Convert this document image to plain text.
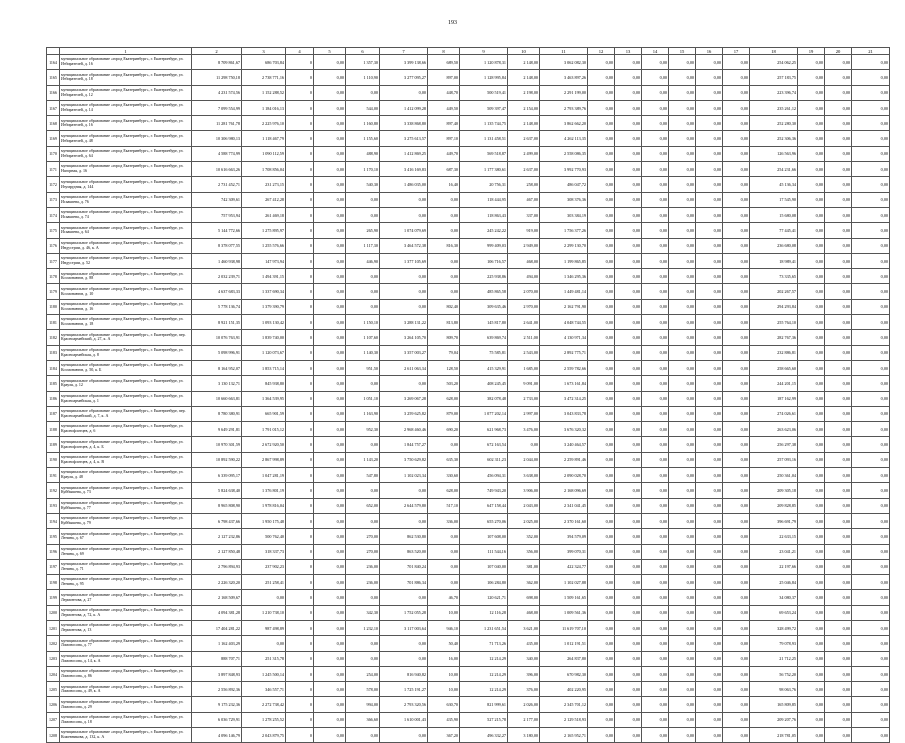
193
	1	2	3	4	5	6	7	8	9	10	11	12	13	14	15	16	17	18	19	20	21	
1164	муниципальное образование «город Екатеринбург», г. Екатеринбург, ул. Избирателей, д. 16	8 709 861,67	686 703,84	0	0,00	1 357,30	3 399 138,66	689,50	1 120 878,31	2 148,00	3 062 082,30	0,00	0,00	0,00	0,00	0,00	0,00	254 062,25	0,00	0,00	0,00	
1165	муниципальное образование «город Екатеринбург», г. Екатеринбург, ул. Избирателей, д. 18	11 298 750,18	2 738 771,16	0	0,00	1 110,90	3 277 095,27	897,00	1 128 995,84	2 148,00	3 463 897,26	0,00	0,00	0,00	0,00	0,00	0,00	257 183,75	0,00	0,00	0,00	
1166	муниципальное образование «город Екатеринбург», г. Екатеринбург, ул. Избирателей, д. 12	4 231 574,56	1 152 288,52	0	0,00	0,00	0,00	448,70	500 519,41	2 198,00	2 291 199,00	0,00	0,00	0,00	0,00	0,00	0,00	223 396,74	0,00	0,00	0,00	
1167	муниципальное образование «город Екатеринбург», г. Екатеринбург, ул. Избирателей, д. 14	7 099 554,99	1 184 016,13	0	0,00	544,00	1 412 099,28	449,50	509 397,47	2 154,00	2 793 389,76	0,00	0,00	0,00	0,00	0,00	0,00	235 261,12	0,00	0,00	0,00	
1168	муниципальное образование «город Екатеринбург», г. Екатеринбург, ул. Избирателей, д. 16	11 281 761,78	2 225 976,10	0	0,00	1 160,80	3 338 868,80	897,40	1 135 744,75	2 148,00	3 862 662,20	0,00	0,00	0,00	0,00	0,00	0,00	252 280,30	0,00	0,00	0,00	
1169	муниципальное образование «город Екатеринбург», г. Екатеринбург, ул. Избирателей, д. 48	10 306 980,13	1 118 467,79	0	0,00	1 155,60	3 275 613,57	897,10	1 131 458,51	2 637,00	4 262 113,35	0,00	0,00	0,00	0,00	0,00	0,00	252 306,36	0,00	0,00	0,00	
1170	муниципальное образование «город Екатеринбург», г. Екатеринбург, ул. Избирателей, д. 64	4 588 774,99	1 090 112,59	0	0,00	488,90	1 412 869,25	449,70	569 518,87	2 499,00	2 558 086,35	0,00	0,00	0,00	0,00	0,00	0,00	126 563,96	0,00	0,00	0,00	
1171	муниципальное образование «город Екатеринбург», г. Екатеринбург, ул. Нагорная, д. 16	10 616 663,26	1 708 856,04	0	0,00	1 170,10	3 416 169,83	687,30	1 177 380,61	2 637,00	3 992 770,93	0,00	0,00	0,00	0,00	0,00	0,00	254 231,66	0,00	0,00	0,00	
1172	муниципальное образование «город Екатеринбург», г. Екатеринбург, ул. Изумрудная, д. 144	2 731 452,71	231 273,15	0	0,00	540,30	1 486 035,00	16,40	20 756,31	258,00	486 047,72	0,00	0,00	0,00	0,00	0,00	0,00	45 136,34	0,00	0,00	0,00	
1173	муниципальное образование «город Екатеринбург», г. Екатеринбург, ул. Исаакиева, д. 76	742 309,61	267 412,28	0	0,00	0,00	0,00	0,00	118 444,95	467,00	308 376,36	0,00	0,00	0,00	0,00	0,00	0,00	17 545,90	0,00	0,00	0,00	
1174	муниципальное образование «город Екатеринбург», г. Екатеринбург, ул. Исаакиева, д. 74	757 953,94	261 469,18	0	0,00	0,00	0,00	0,00	118 863,43	337,00	303 384,19	0,00	0,00	0,00	0,00	0,00	0,00	15 680,08	0,00	0,00	0,00	
1175	муниципальное образование «город Екатеринбург», г. Екатеринбург, ул. Исаакиева, д. 64	5 144 772,66	1 275 895,97	0	0,00	265,90	1 074 079,69	0,00	245 242,22	919,00	1 756 377,26	0,00	0,00	0,00	0,00	0,00	0,00	77 445,41	0,00	0,00	0,00	
1176	муниципальное образование «город Екатеринбург», г. Екатеринбург, ул. Индустрии, д. 46, к. А	8 378 077,55	1 255 576,66	0	0,00	1 117,30	3 464 572,38	816,30	999 409,03	2 949,00	2 299 130,70	0,00	0,00	0,00	0,00	0,00	0,00	236 680,08	0,00	0,00	0,00	
1177	муниципальное образование «город Екатеринбург», г. Екатеринбург, ул. Индустрии, д. 52	1 460 938,98	147 973,94	0	0,00	446,90	1 377 105,69	0,00	106 716,57	468,00	1 199 865,85	0,00	0,00	0,00	0,00	0,00	0,00	18 989,41	0,00	0,00	0,00	
1178	муниципальное образование «город Екатеринбург», г. Екатеринбург, ул. Космонавтов, д. 88	2 032 239,71	1 494 391,15	0	0,00	0,00	0,00	0,00	225 938,86	494,00	1 346 295,36	0,00	0,00	0,00	0,00	0,00	0,00	73 335,65	0,00	0,00	0,00	
1179	муниципальное образование «город Екатеринбург», г. Екатеринбург, ул. Космонавтов, д. 10	4 637 683,33	1 337 690,34	0	0,00	0,00	0,00	0,00	485 865,58	2 070,00	1 449 481,14	0,00	0,00	0,00	0,00	0,00	0,00	202 267,57	0,00	0,00	0,00	
1180	муниципальное образование «город Екатеринбург», г. Екатеринбург, ул. Космонавтов, д. 16	5 778 136,74	1 379 390,79	0	0,00	0,00	0,00	802,40	309 635,46	2 970,00	2 162 791,90	0,00	0,00	0,00	0,00	0,00	0,00	294 293,84	0,00	0,00	0,00	
1181	муниципальное образование «город Екатеринбург», г. Екатеринбург, ул. Космонавтов, д. 18	8 921 151,35	1 093 130,42	0	0,00	1 150,10	3 288 131,22	813,80	145 817,80	2 641,00	4 048 744,55	0,00	0,00	0,00	0,00	0,00	0,00	255 764,10	0,00	0,00	0,00	
1182	муниципальное образование «город Екатеринбург», г. Екатеринбург, пер. Красноармейский, д. 27, к. А	10 076 763,91	1 839 740,00	0	0,00	1 107,60	3 264 105,70	809,70	639 869,74	2 511,00	4 130 971,34	0,00	0,00	0,00	0,00	0,00	0,00	282 767,36	0,00	0,00	0,00	
1183	муниципальное образование «город Екатеринбург», г. Екатеринбург, ул. Красноармейская, д. 8	5 098 996,91	1 120 073,67	0	0,00	1 140,30	3 357 003,27	79,04	75 585,81	2 543,00	2 892 775,71	0,00	0,00	0,00	0,00	0,00	0,00	232 886,81	0,00	0,00	0,00	
1184	муниципальное образование «город Екатеринбург», г. Екатеринбург, ул. Космонавтов, д. 50, к. Б	8 164 952,07	1 853 715,14	0	0,00	951,50	2 611 063,34	128,50	415 329,91	1 685,00	2 559 782,66	0,00	0,00	0,00	0,00	0,00	0,00	258 665,60	0,00	0,00	0,00	
1185	муниципальное образование «город Екатеринбург», г. Екатеринбург, ул. Крауля, д. 12	3 130 132,71	845 938,80	0	0,00	0,00	0,00	503,20	408 245,45	9 091,00	1 673 161,84	0,00	0,00	0,00	0,00	0,00	0,00	244 201,15	0,00	0,00	0,00	
1186	муниципальное образование «город Екатеринбург», г. Екатеринбург, ул. Красноармейская, д. 1	10 660 663,81	1 364 539,95	0	0,00	1 051,10	3 269 067,28	628,00	382 078,48	2 733,00	3 472 314,25	0,00	0,00	0,00	0,00	0,00	0,00	187 162,99	0,00	0,00	0,00	
1187	муниципальное образование «город Екатеринбург», г. Екатеринбург, пер. Красноармейский, д. 7, к. А	8 780 380,91	665 901,59	0	0,00	1 163,90	3 259 625,82	879,00	1 077 202,14	2 997,00	3 043 833,78	0,00	0,00	0,00	0,00	0,00	0,00	274 026,61	0,00	0,00	0,00	
1188	муниципальное образование «город Екатеринбург», г. Екатеринбург, ул. Краснофлотцев, д. 6	9 649 291,81	1 791 015,12	0	0,00	952,30	2 968 460,46	690,20	621 968,73	3 476,00	3 676 320,32	0,00	0,00	0,00	0,00	0,00	0,00	263 623,06	0,00	0,00	0,00	
1189	муниципальное образование «город Екатеринбург», г. Екатеринбург, ул. Краснофлотцев, д. 4, к. Б	10 970 301,59	2 672 920,50	0	0,00	0,00	1 844 757,27	0,00	672 163,54	0,00	3 240 464,57	0,00	0,00	0,00	0,00	0,00	0,00	256 297,38	0,00	0,00	0,00	
1190	муниципальное образование «город Екатеринбург», г. Екатеринбург, ул. Краснофлотцев, д. 4, к. В	10 892 590,22	2 867 998,89	0	0,00	1 143,20	3 750 629,82	635,30	602 311,23	2 044,00	2 259 891,46	0,00	0,00	0,00	0,00	0,00	0,00	257 093,16	0,00	0,00	0,00	
1191	муниципальное образование «город Екатеринбург», г. Екатеринбург, ул. Крауля, д. 48	6 339 095,17	1 047 281,19	0	0,00	547,80	1 102 023,34	330,60	456 094,31	3 638,00	2 090 028,70	0,00	0,00	0,00	0,00	0,00	0,00	250 361,04	0,00	0,00	0,00	
1192	муниципальное образование «город Екатеринбург», г. Екатеринбург, ул. Куйбышева, д. 73	5 824 638,40	1 376 801,19	0	0,00	0,00	0,00	628,00	749 943,20	3 906,00	2 168 096,69	0,00	0,00	0,00	0,00	0,00	0,00	209 305,18	0,00	0,00	0,00	
1193	муниципальное образование «город Екатеринбург», г. Екатеринбург, ул. Куйбышева, д. 77	8 965 808,90	1 978 816,04	0	0,00	652,00	2 644 579,80	517,10	647 158,44	2 043,00	2 341 041,45	0,00	0,00	0,00	0,00	0,00	0,00	209 828,85	0,00	0,00	0,00	
1194	муниципальное образование «город Екатеринбург», г. Екатеринбург, ул. Куйбышева, д. 79	6 798 437,66	1 950 175,48	0	0,00	0,00	0,00	336,00	655 270,06	2 025,00	2 370 161,60	0,00	0,00	0,00	0,00	0,00	0,00	396 691,79	0,00	0,00	0,00	
1195	муниципальное образование «город Екатеринбург», г. Екатеринбург, ул. Ленина, д. 67	2 127 232,86	500 762,40	0	0,00	270,00	862 530,80	0,00	107 608,00	352,00	394 579,09	0,00	0,00	0,00	0,00	0,00	0,00	22 633,15	0,00	0,00	0,00	
1196	муниципальное образование «город Екатеринбург», г. Екатеринбург, ул. Ленина, д. 69	2 127 850,48	318 337,73	0	0,00	270,00	863 520,00	0,00	111 544,16	356,00	399 070,31	0,00	0,00	0,00	0,00	0,00	0,00	23 041,21	0,00	0,00	0,00	
1197	муниципальное образование «город Екатеринбург», г. Екатеринбург, ул. Ленина, д. 71	2 796 894,93	237 902,23	0	0,00	236,00	701 840,24	0,00	107 040,00	381,00	422 324,77	0,00	0,00	0,00	0,00	0,00	0,00	22 197,66	0,00	0,00	0,00	
1198	муниципальное образование «город Екатеринбург», г. Екатеринбург, ул. Ленина, д. 95	2 226 320,20	251 258,41	0	0,00	236,00	701 886,34	0,00	106 284,80	362,00	1 102 027,88	0,00	0,00	0,00	0,00	0,00	0,00	25 046,84	0,00	0,00	0,00	
1199	муниципальное образование «город Екатеринбург», г. Екатеринбург, ул. Лермонтова, д. 27	2 168 509,67	0,00	0	0,00	0,00	0,00	46,70	120 621,71	698,00	1 509 161,65	0,00	0,00	0,00	0,00	0,00	0,00	34 080,37	0,00	0,00	0,00	
1200	муниципальное образование «город Екатеринбург», г. Екатеринбург, ул. Лермонтова, д. 72, к. А	4 094 381,28	1 210 738,10	0	0,00	342,30	1 752 055,28	10,00	12 116,28	468,00	1 009 561,36	0,00	0,00	0,00	0,00	0,00	0,00	69 653,24	0,00	0,00	0,00	
1201	муниципальное образование «город Екатеринбург», г. Екатеринбург, ул. Лермонтова, д. 13	17 404 281,22	987 498,89	0	0,00	1 232,10	3 117 003,64	946,10	1 231 651,54	3 621,00	11 619 707,10	0,00	0,00	0,00	0,00	0,00	0,00	328 499,72	0,00	0,00	0,00	
1202	муниципальное образование «город Екатеринбург», г. Екатеринбург, ул. Ломоносова, д. 77	1 162 403,29	0,00	0	0,00	0,00	0,00	50,40	71 713,26	435,00	1 012 191,51	0,00	0,00	0,00	0,00	0,00	0,00	79 078,93	0,00	0,00	0,00	
1203	муниципальное образование «город Екатеринбург», г. Екатеринбург, ул. Ломоносова, д. 14, к. А	888 707,71	251 315,78	0	0,00	0,00	0,00	16,00	12 214,29	340,00	264 837,80	0,00	0,00	0,00	0,00	0,00	0,00	21 712,25	0,00	0,00	0,00	
1204	муниципальное образование «город Екатеринбург», г. Екатеринбург, ул. Ломоносова, д. 86	3 897 848,93	1 245 500,14	0	0,00	254,00	816 940,82	10,00	12 214,29	396,00	670 982,30	0,00	0,00	0,00	0,00	0,00	0,00	56 752,20	0,00	0,00	0,00	
1205	муниципальное образование «город Екатеринбург», г. Екатеринбург, ул. Ломоносова, д. 49, к. А	2 556 892,36	346 557,71	0	0,00	578,00	1 725 191,27	10,00	12 214,29	376,00	402 220,95	0,00	0,00	0,00	0,00	0,00	0,00	98 063,76	0,00	0,00	0,00	
1206	муниципальное образование «город Екатеринбург», г. Екатеринбург, ул. Ломоносова, д. 29	9 175 232,36	2 272 738,42	0	0,00	994,00	2 793 320,56	630,70	821 999,61	2 026,00	2 345 701,12	0,00	0,00	0,00	0,00	0,00	0,00	165 809,85	0,00	0,00	0,00	
1207	муниципальное образование «город Екатеринбург», г. Екатеринбург, ул. Ломоносова, д. 18	6 036 729,91	1 278 255,52	0	0,00	366,60	1 610 001,43	435,90	527 215,78	2 177,00	2 129 518,93	0,00	0,00	0,00	0,00	0,00	0,00	209 207,76	0,00	0,00	0,00	
1208	муниципальное образование «город Екатеринбург», г. Екатеринбург, ул. Кожевникова, д. 132, к. А	4 096 146,79	2 043 879,75	0	0,00	0,00	0,00	367,20	496 332,27	3 180,00	2 165 952,71	0,00	0,00	0,00	0,00	0,00	0,00	218 781,05	0,00	0,00	0,00	
